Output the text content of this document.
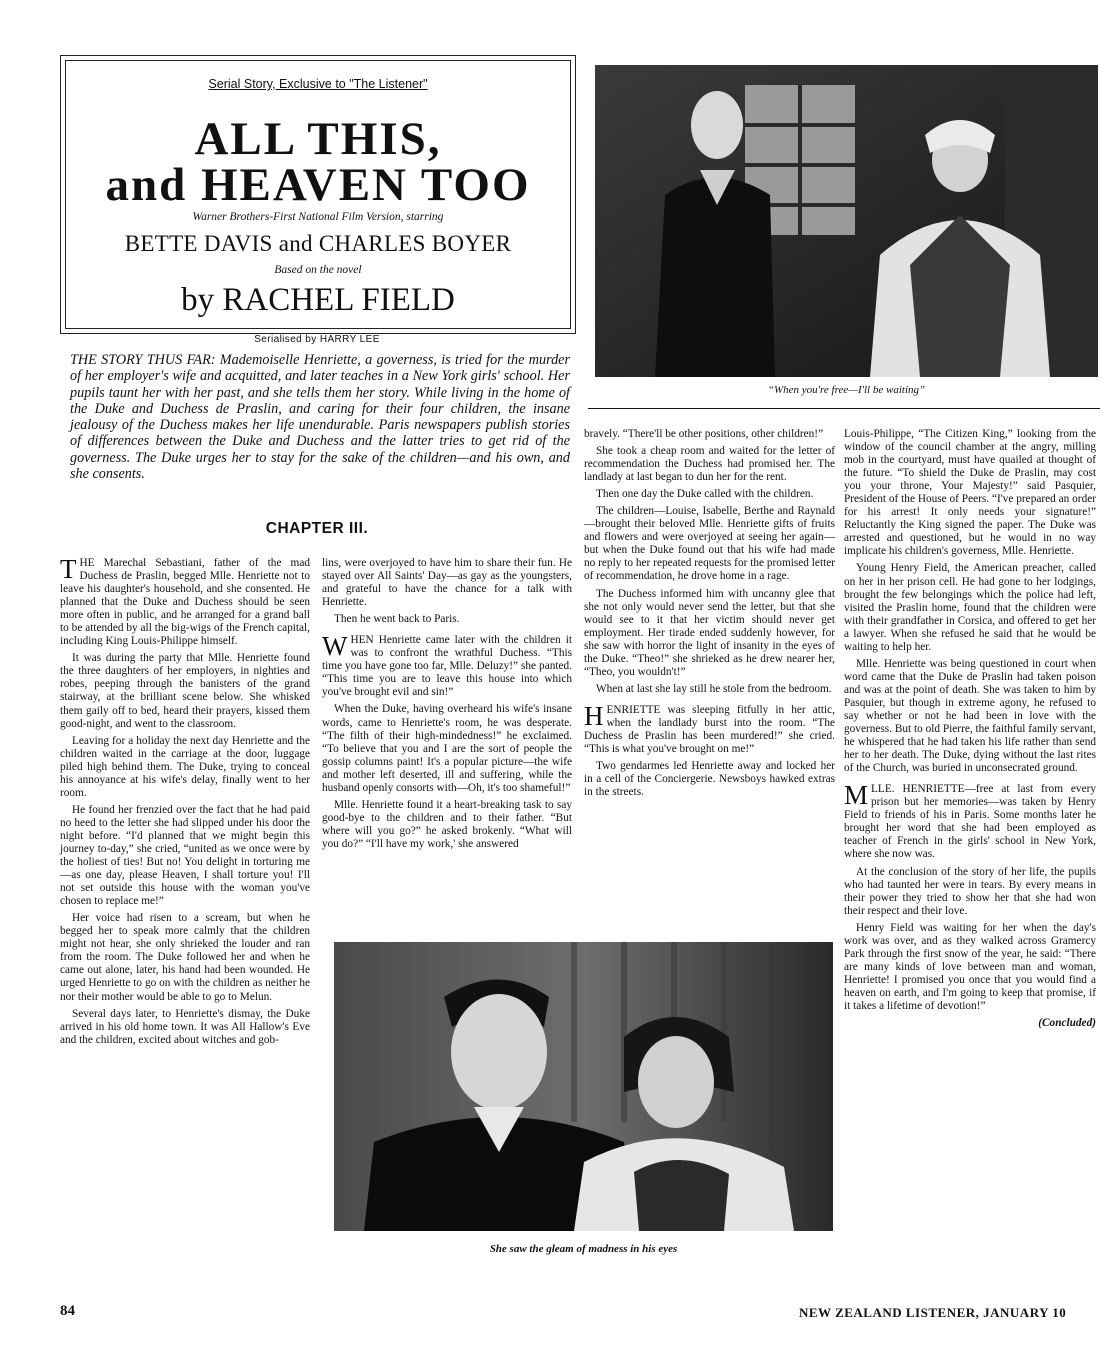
Serial Story, Exclusive to "The Listener"
ALL THIS,
and HEAVEN TOO
Warner Brothers-First National Film Version, starring
BETTE DAVIS and CHARLES BOYER
Based on the novel
by RACHEL FIELD
Serialised by HARRY LEE
THE STORY THUS FAR: Mademoiselle Henriette, a governess, is tried for the murder of her employer's wife and acquitted, and later teaches in a New York girls' school. Her pupils taunt her with her past, and she tells them her story. While living in the home of the Duke and Duchess de Praslin, and caring for their four children, the insane jealousy of the Duchess makes her life unendurable. Paris newspapers publish stories of differences between the Duke and Duchess and the latter tries to get rid of the governess. The Duke urges her to stay for the sake of the children—and his own, and she consents.
CHAPTER III.
“When you're free—I'll be waiting”

THE Marechal Sebastiani, father of the mad Duchess de Praslin, begged Mlle. Henriette not to leave his daughter's household, and she consented. He planned that the Duke and Duchess should be seen more often in public, and he arranged for a grand ball to be attended by all the big-wigs of the French capital, including King Louis-Philippe himself.

It was during the party that Mlle. Henriette found the three daughters of her employers, in nighties and robes, peeping through the banisters of the grand stairway, at the brilliant scene below. She whisked them gaily off to bed, heard their prayers, kissed them good-night, and went to the classroom.

Leaving for a holiday the next day Henriette and the children waited in the carriage at the door, luggage piled high behind them. The Duke, trying to conceal his annoyance at his wife's delay, finally went to her room.

He found her frenzied over the fact that he had paid no heed to the letter she had slipped under his door the night before. “I'd planned that we might begin this journey to-day,” she cried, “united as we once were by the holiest of ties! But no! You delight in torturing me—as one day, please Heaven, I shall torture you! I'll not set outside this house with the woman you've chosen to replace me!”

Her voice had risen to a scream, but when he begged her to speak more calmly that the children might not hear, she only shrieked the louder and ran from the room. The Duke followed her and when he came out alone, later, his hand had been wounded. He urged Henriette to go on with the children as neither he nor their mother would be able to go to Melun.

Several days later, to Henriette's dismay, the Duke arrived in his old home town. It was All Hallow's Eve and the children, excited about witches and gob-

lins, were overjoyed to have him to share their fun. He stayed over All Saints' Day—as gay as the youngsters, and grateful to have the chance for a talk with Henriette.

Then he went back to Paris.

WHEN Henriette came later with the children it was to confront the wrathful Duchess. “This time you have gone too far, Mlle. Deluzy!” she panted. “This time you are to leave this house into which you've brought evil and sin!”

When the Duke, having overheard his wife's insane words, came to Henriette's room, he was desperate. “The filth of their high-mindedness!” he exclaimed. “To believe that you and I are the sort of people the gossip columns paint! It's a popular picture—the wife and mother left deserted, ill and suffering, while the husband openly consorts with—Oh, it's too shameful!”

Mlle. Henriette found it a heart-breaking task to say good-bye to the children and to their father. “But where will you go?” he asked brokenly. “What will you do?” “I'll have my work,' she answered

bravely. “There'll be other positions, other children!”

She took a cheap room and waited for the letter of recommendation the Duchess had promised her. The landlady at last began to dun her for the rent.

Then one day the Duke called with the children.

The children—Louise, Isabelle, Berthe and Raynald—brought their beloved Mlle. Henriette gifts of fruits and flowers and were overjoyed at seeing her again—but when the Duke found out that his wife had made no reply to her repeated requests for the promised letter of recommendation, he drove home in a rage.

The Duchess informed him with uncanny glee that she not only would never send the letter, but that she would see to it that her victim should never get employment. Her tirade ended suddenly however, for she saw with horror the light of insanity in the eyes of the Duke. “Theo!” she shrieked as he drew nearer her, “Theo, you wouldn't!”

When at last she lay still he stole from the bedroom.

HENRIETTE was sleeping fitfully in her attic, when the landlady burst into the room. “The Duchess de Praslin has been murdered!” she cried. “This is what you've brought on me!”

Two gendarmes led Henriette away and locked her in a cell of the Conciergerie. Newsboys hawked extras in the streets.

Louis-Philippe, “The Citizen King,” looking from the window of the council chamber at the angry, milling mob in the courtyard, must have quailed at thought of the future. “To shield the Duke de Praslin, may cost you your throne, Your Majesty!” said Pasquier, President of the House of Peers. “I've prepared an order for his arrest! It only needs your signature!” Reluctantly the King signed the paper. The Duke was arrested and questioned, but he would in no way implicate his children's governess, Mlle. Henriette.

Young Henry Field, the American preacher, called on her in her prison cell. He had gone to her lodgings, brought the few belongings which the police had left, visited the Praslin home, found that the children were with their grandfather in Corsica, and offered to get her a lawyer. When she refused he said that he would be waiting to help her.

Mlle. Henriette was being questioned in court when word came that the Duke de Praslin had taken poison and was at the point of death. She was taken to him by Pasquier, but though in extreme agony, he refused to say whether or not he had been in love with the governess. But to old Pierre, the faithful family servant, he whispered that he had taken his life rather than send her to her death. The Duke, dying without the last rites of the Church, was buried in unconsecrated ground.

MLLE. HENRIETTE—free at last from every prison but her memories—was taken by Henry Field to friends of his in Paris. Some months later he brought her word that she had been employed as teacher of French in the girls' school in New York, where she now was.

At the conclusion of the story of her life, the pupils who had taunted her were in tears. By every means in their power they tried to show her that she had won their respect and their love.

Henry Field was waiting for her when the day's work was over, and as they walked across Gramercy Park through the first snow of the year, he said: “There are many kinds of love between man and woman, Henriette! I promised you once that you would find a heaven on earth, and I'm going to keep that promise, if it takes a lifetime of devotion!”

(Concluded)
She saw the gleam of madness in his eyes
84	NEW ZEALAND LISTENER, JANUARY 10
